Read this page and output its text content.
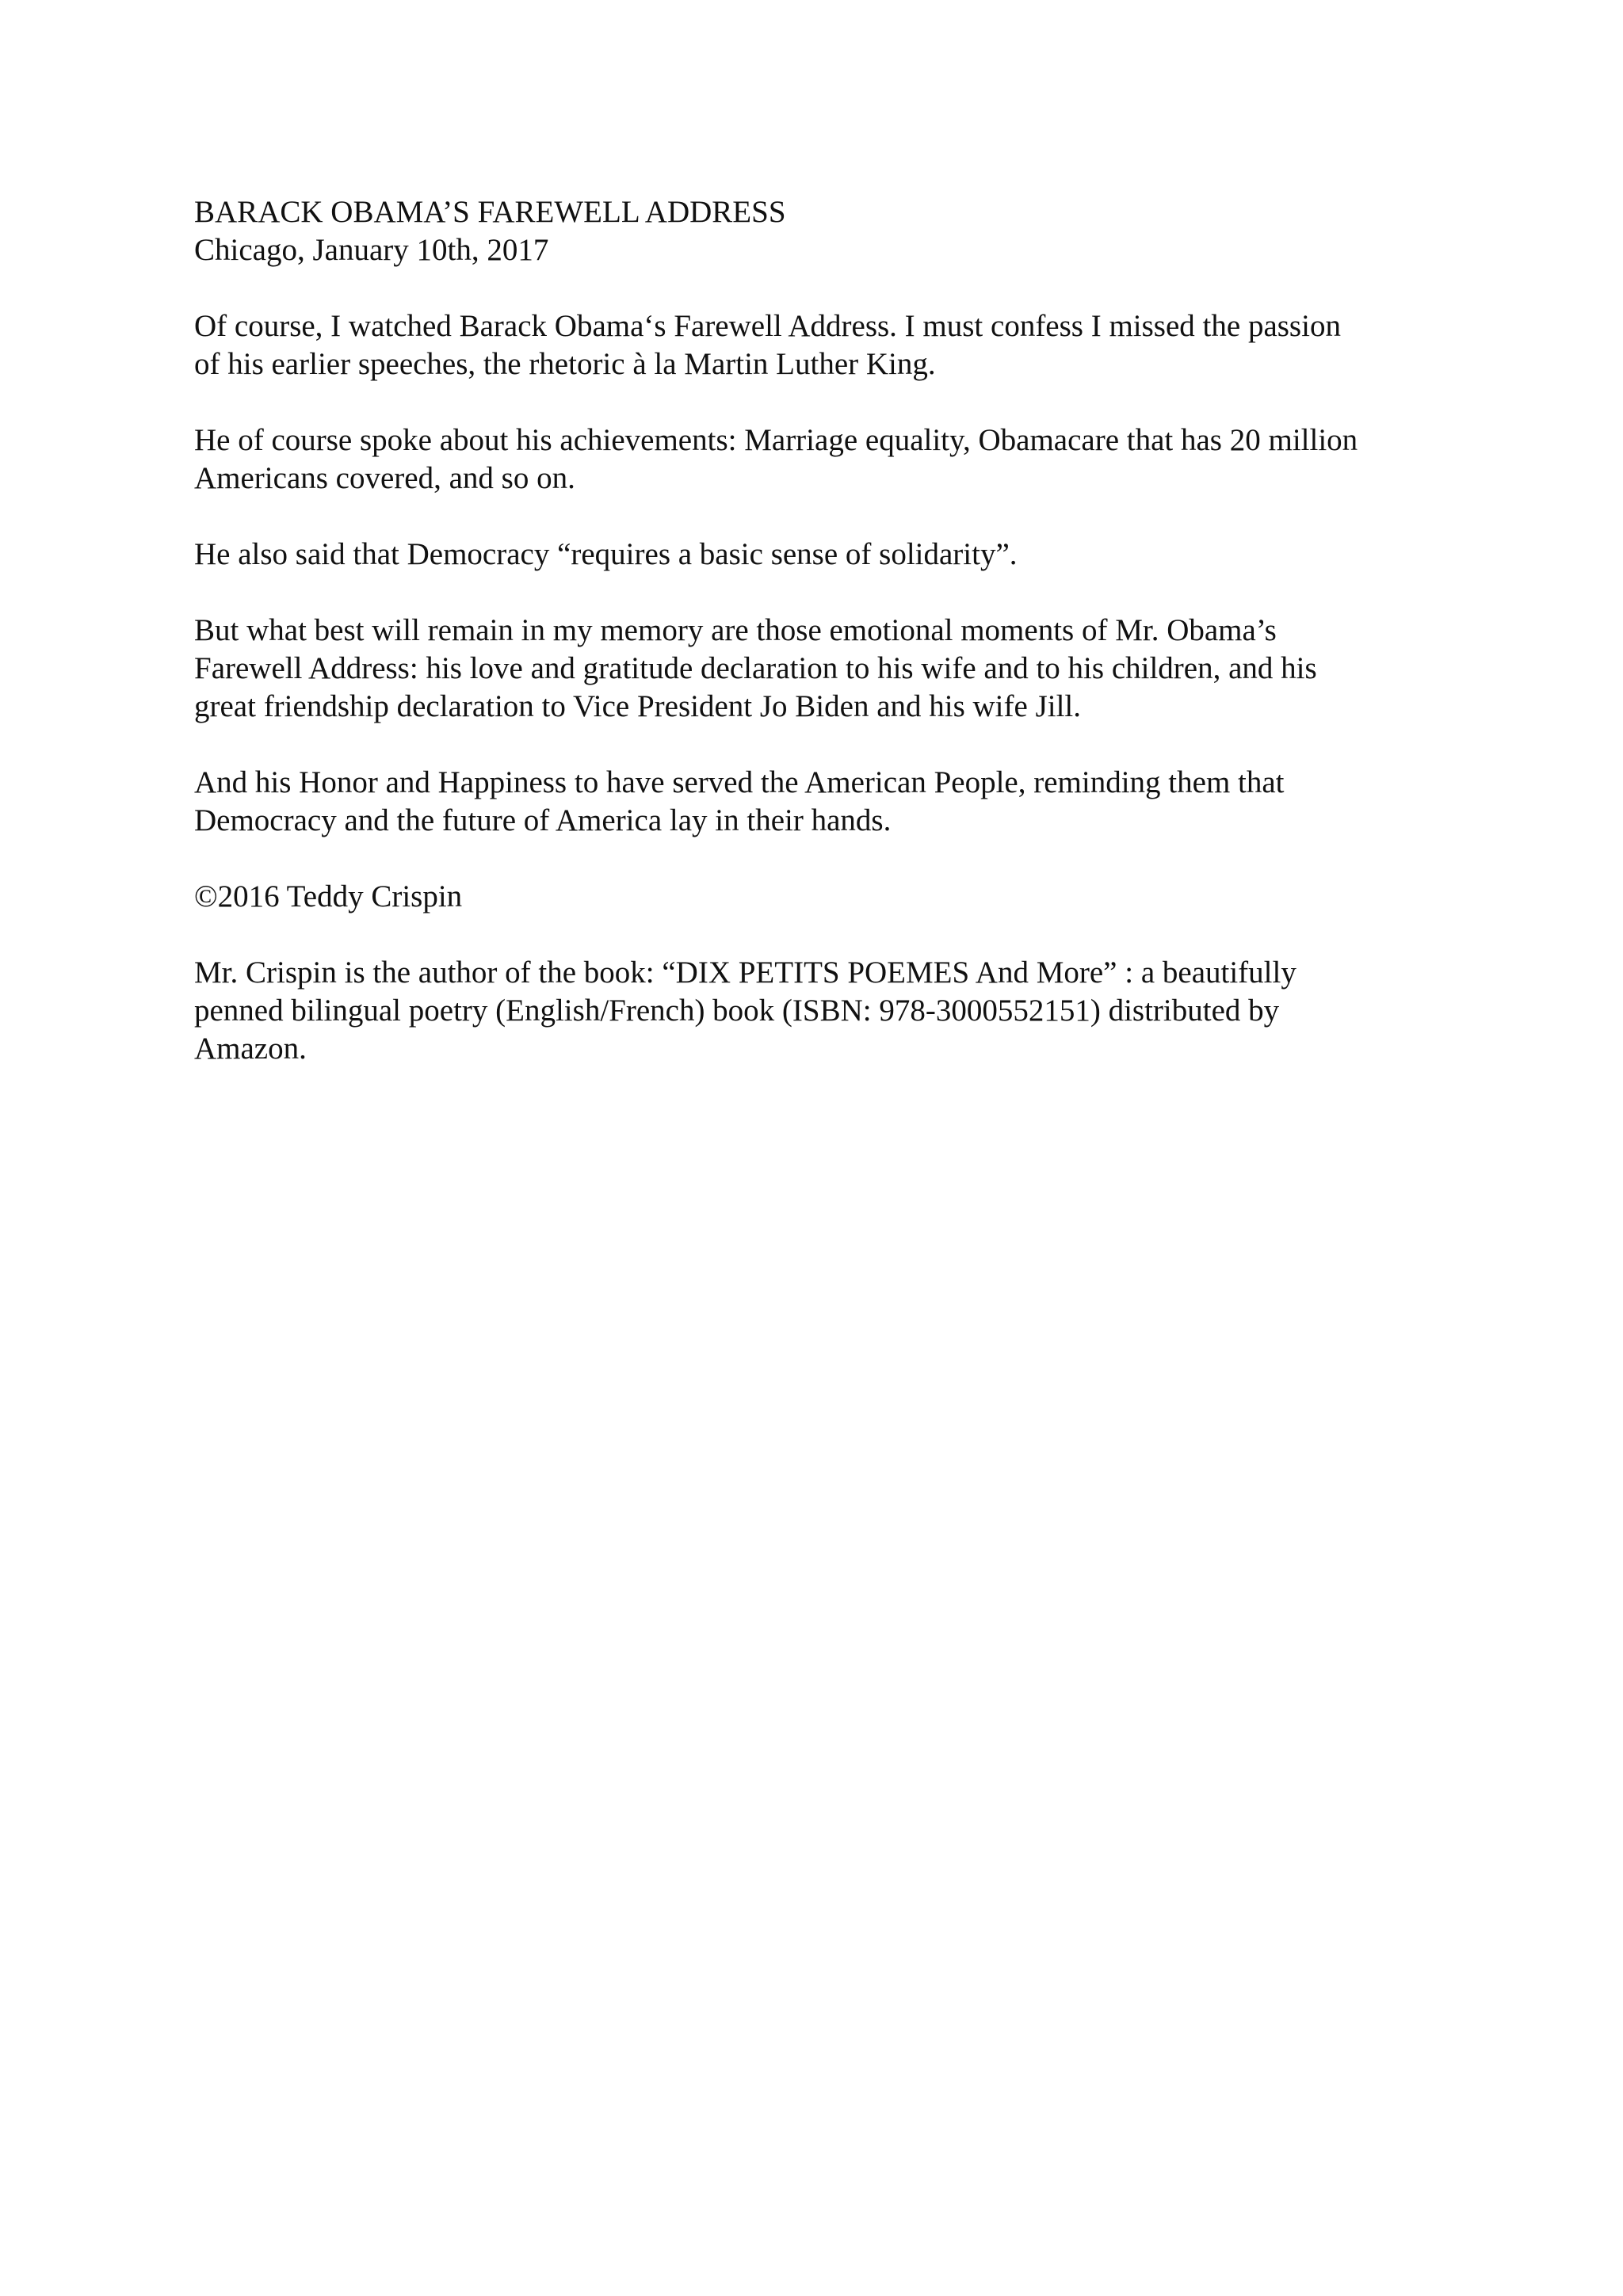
BARACK OBAMA’S FAREWELL ADDRESS
Chicago, January 10th, 2017
Of course, I watched Barack Obama‘s Farewell Address. I must confess I missed the passion
of his earlier speeches, the rhetoric à la Martin Luther King.
He of course spoke about his achievements: Marriage equality, Obamacare that has 20 million
Americans covered, and so on.
He also said that Democracy “requires a basic sense of solidarity”.
But what best will remain in my memory are those emotional moments of Mr. Obama’s
Farewell Address: his love and gratitude declaration to his wife and to his children, and his
great friendship declaration to Vice President Jo Biden and his wife Jill.
And his Honor and Happiness to have served the American People, reminding them that
Democracy and the future of America lay in their hands.
©2016 Teddy Crispin
Mr. Crispin is the author of the book: “DIX PETITS POEMES And More” : a beautifully
penned bilingual poetry (English/French) book (ISBN: 978-3000552151) distributed by
Amazon.
